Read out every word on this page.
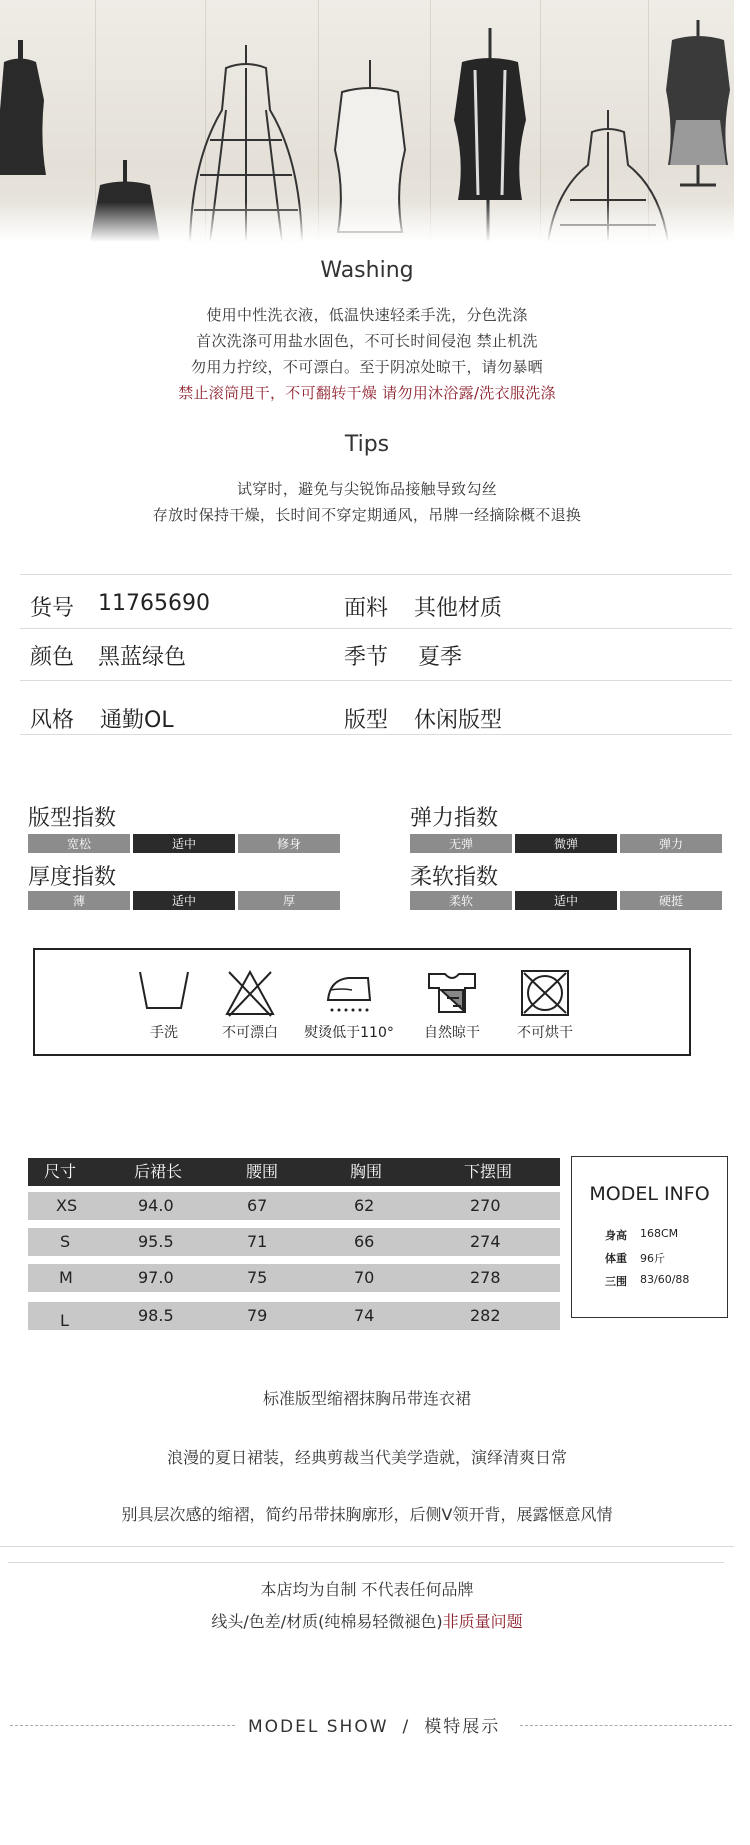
Washing
使用中性洗衣液，低温快速轻柔手洗，分色洗涤
首次洗涤可用盐水固色，不可长时间侵泡 禁止机洗
勿用力拧绞，不可漂白。至于阴凉处晾干，请勿暴晒
禁止滚筒甩干，不可翻转干燥 请勿用沐浴露/洗衣服洗涤
Tips
试穿时，避免与尖锐饰品接触导致勾丝
存放时保持干燥，长时间不穿定期通风，吊牌一经摘除概不退换
货号 11765690	面料 其他材质
颜色 黑蓝绿色	季节 夏季
风格 通勤OL	版型 休闲版型
版型指数
宽松	适中	修身
弹力指数
无弹	微弹	弹力
厚度指数
薄	适中	厚
柔软指数
柔软	适中	硬挺
手洗	不可漂白	熨烫低于110°	自然晾干	不可烘干
尺寸	后裙长	腰围	胸围	下摆围
XS	94.0	67	62	270
S	95.5	71	66	274
M	97.0	75	70	278
L	98.5	79	74	282
MODEL INFO
身高 168CM
体重 96斤
三围 83/60/88
标准版型缩褶抹胸吊带连衣裙
浪漫的夏日裙装，经典剪裁当代美学造就，演绎清爽日常
别具层次感的缩褶，简约吊带抹胸廓形，后侧V领开背，展露惬意风情
本店均为自制 不代表任何品牌
线头/色差/材质(纯棉易轻微褪色)非质量问题
MODEL SHOW / 模特展示
